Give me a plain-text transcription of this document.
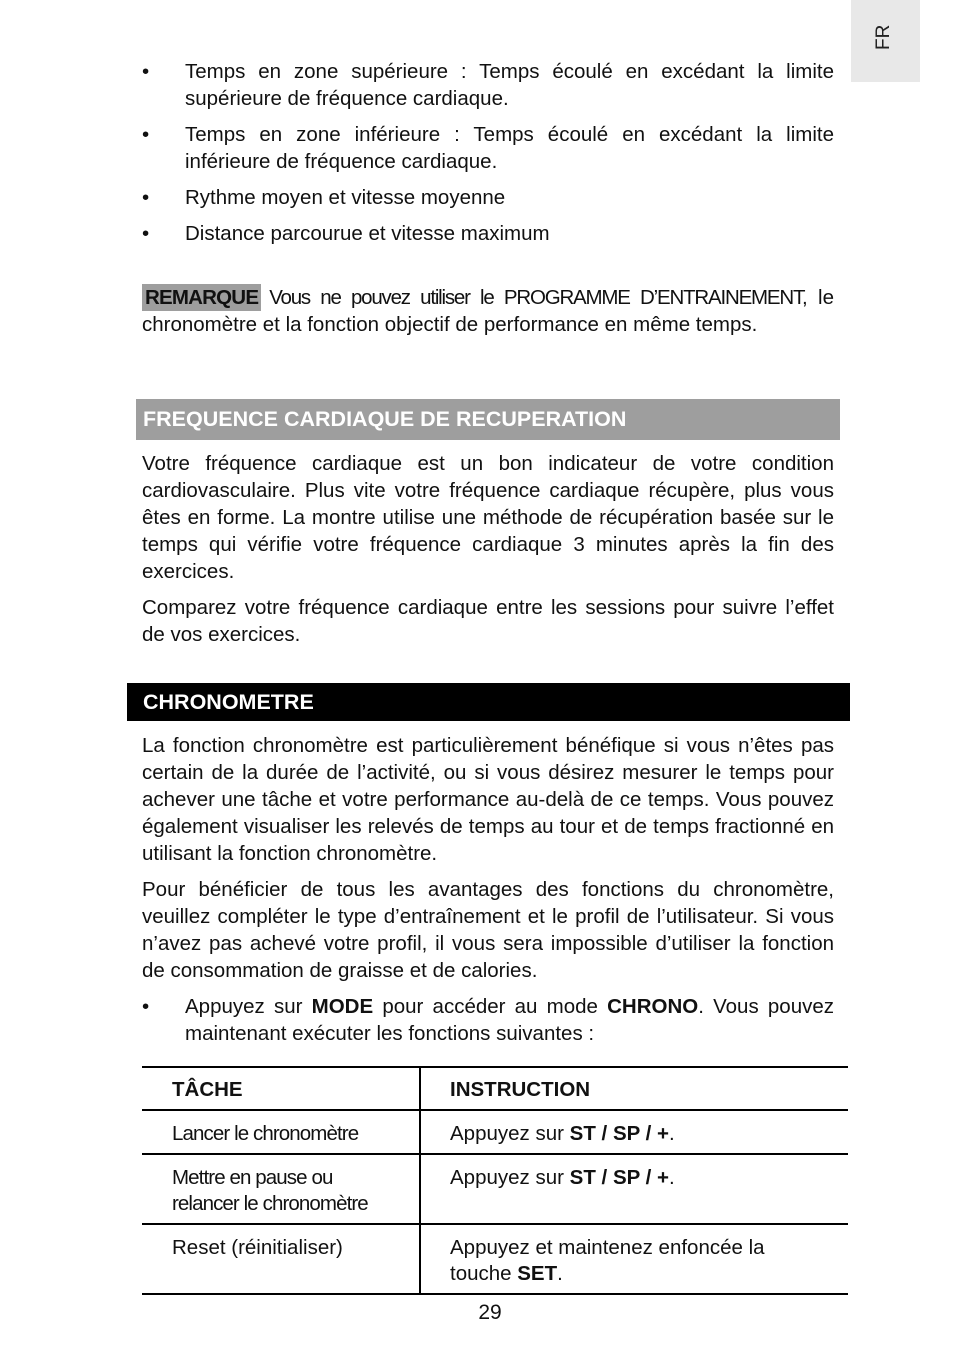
FR
• Temps en zone supérieure : Temps écoulé en excédant la limite supérieure de fréquence cardiaque.
• Temps en zone inférieure : Temps écoulé en excédant la limite inférieure de fréquence cardiaque.
• Rythme moyen et vitesse moyenne
• Distance parcourue et vitesse maximum
REMARQUE Vous ne pouvez utiliser le PROGRAMME D’ENTRAINEMENT, le chronomètre et la fonction objectif de performance en même temps.
FREQUENCE CARDIAQUE DE RECUPERATION

Votre fréquence cardiaque est un bon indicateur de votre condition cardiovasculaire. Plus vite votre fréquence cardiaque récupère, plus vous êtes en forme. La montre utilise une méthode de récupération basée sur le temps qui vérifie votre fréquence cardiaque 3 minutes après la fin des exercices.

Comparez votre fréquence cardiaque entre les sessions pour suivre l’effet de vos exercices.

CHRONOMETRE

La fonction chronomètre est particulièrement bénéfique si vous n’êtes pas certain de la durée de l’activité, ou si vous désirez mesurer le temps pour achever une tâche et votre performance au-delà de ce temps. Vous pouvez également visualiser les relevés de temps au tour et de temps fractionné en utilisant la fonction chronomètre.

Pour bénéficier de tous les avantages des fonctions du chronomètre, veuillez compléter le type d’entraînement et le profil de l’utilisateur. Si vous n’avez pas achevé votre profil, il vous sera impossible d’utiliser la fonction de consommation de graisse et de calories.

• Appuyez sur MODE pour accéder au mode CHRONO. Vous pouvez maintenant exécuter les fonctions suivantes :
TÂCHE	INSTRUCTION
Lancer le chronomètre	Appuyez sur ST / SP / +.
Mettre en pause ou relancer le chronomètre	Appuyez sur ST / SP / +.
Reset (réinitialiser)	Appuyez et maintenez enfoncée la touche SET.
29
